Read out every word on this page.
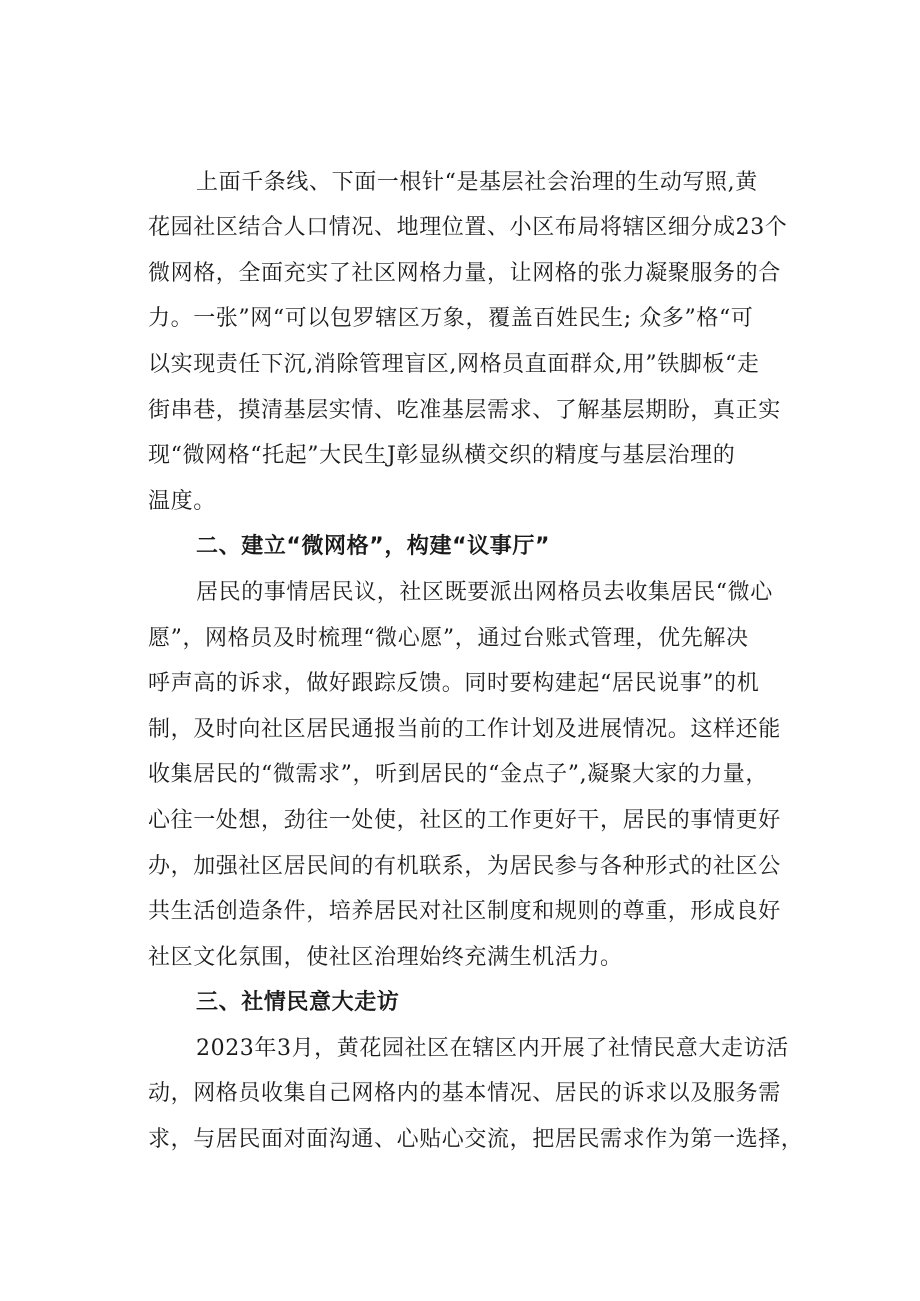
上面千条线、下面一根针“是基层社会治理的生动写照,黄
花园社区结合人口情况、地理位置、小区布局将辖区细分成23个
微网格，全面充实了社区网格力量，让网格的张力凝聚服务的合
力。一张”网“可以包罗辖区万象，覆盖百姓民生; 众多”格“可
以实现责任下沉,消除管理盲区,网格员直面群众,用”铁脚板“走
街串巷，摸清基层实情、吃准基层需求、了解基层期盼，真正实
现“微网格“托起”大民生J彰显纵横交织的精度与基层治理的
温度。
二、建立“微网格”，构建“议事厅”
居民的事情居民议，社区既要派出网格员去收集居民“微心
愿”，网格员及时梳理“微心愿”，通过台账式管理，优先解决
呼声高的诉求，做好跟踪反馈。同时要构建起“居民说事”的机
制，及时向社区居民通报当前的工作计划及进展情况。这样还能
收集居民的“微需求”，听到居民的“金点子”,凝聚大家的力量，
心往一处想，劲往一处使，社区的工作更好干，居民的事情更好
办，加强社区居民间的有机联系，为居民参与各种形式的社区公
共生活创造条件，培养居民对社区制度和规则的尊重，形成良好
社区文化氛围，使社区治理始终充满生机活力。
三、社情民意大走访
2023年3月，黄花园社区在辖区内开展了社情民意大走访活
动，网格员收集自己网格内的基本情况、居民的诉求以及服务需
求，与居民面对面沟通、心贴心交流，把居民需求作为第一选择，
